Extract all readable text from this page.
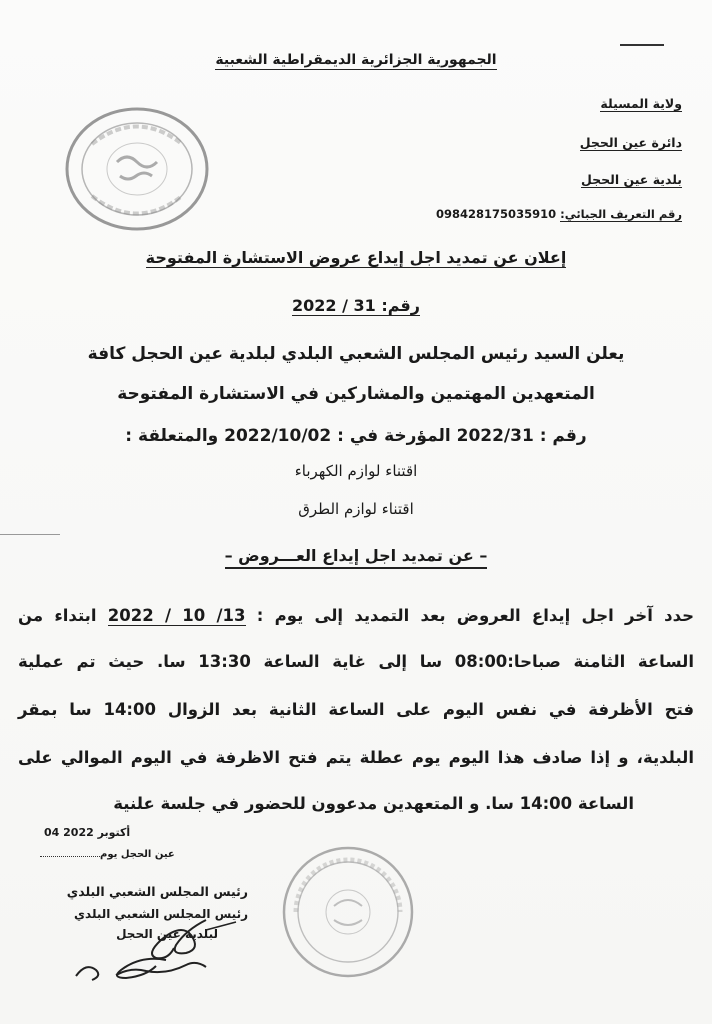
الجمهورية الجزائرية الديمقراطية الشعبية
ولاية المسيلة
دائرة عين الحجل
بلدية عين الحجل
رقم التعريف الجبائي: 098428175035910
إعلان عن تمديد اجل إيداع عروض الاستشارة المفتوحة
رقم: 31 / 2022
يعلن السيد رئيس المجلس الشعبي البلدي لبلدية عين الحجل كافة
المتعهدين المهتمين والمشاركين في الاستشارة المفتوحة
رقم : 2022/31 المؤرخة في : 2022/10/02 والمتعلقة :
اقتناء لوازم الكهرباء
اقتناء لوازم الطرق
– عن تمديد اجل إيداع العـــروض –
حدد آخر اجل إيداع العروض بعد التمديد إلى يوم : 13/ 10 / 2022 ابتداء من
الساعة الثامنة صباحا:08:00 سا إلى غاية الساعة 13:30 سا. حيث تم عملية
فتح الأظرفة في نفس اليوم على الساعة الثانية بعد الزوال 14:00 سا بمقر
البلدية، و إذا صادف هذا اليوم يوم عطلة يتم فتح الاظرفة في اليوم الموالي على
الساعة 14:00 سا. و المتعهدين مدعوون للحضور في جلسة علنية
04 أكتوبر 2022
عين الحجل يوم
رئيس المجلس الشعبي البلدي
رئيس المجلس الشعبي البلدي
لبلدية عين الحجل
